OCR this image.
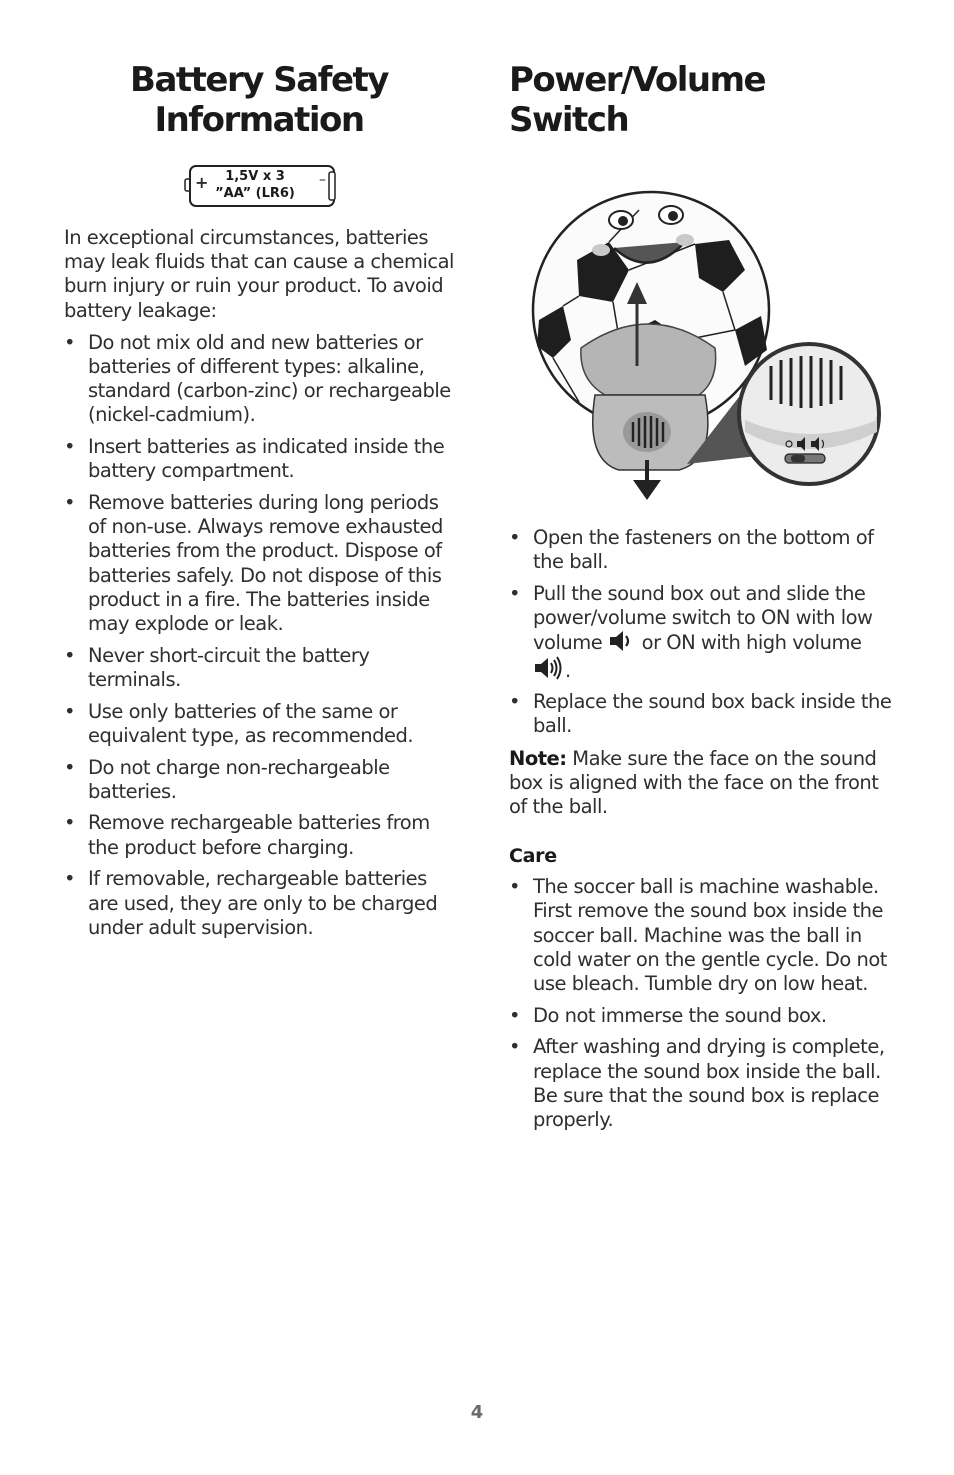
Battery Safety
Information
+	–
1,5V x 3
”AA” (LR6)

In exceptional circumstances, batteries may leak fluids that can cause a chemical burn injury or ruin your product. To avoid battery leakage:

• Do not mix old and new batteries or batteries of different types: alkaline, standard (carbon-zinc) or rechargeable (nickel-cadmium).
• Insert batteries as indicated inside the battery compartment.
• Remove batteries during long periods of non-use. Always remove exhausted batteries from the product. Dispose of batteries safely. Do not dispose of this product in a fire. The batteries inside may explode or leak.
• Never short-circuit the battery terminals.
• Use only batteries of the same or equivalent type, as recommended.
• Do not charge non-rechargeable batteries.
• Remove rechargeable batteries from the product before charging.
• If removable, rechargeable batteries are used, they are only to be charged under adult supervision.
Power/Volume Switch
• Open the fasteners on the bottom of the ball.
• Pull the sound box out and slide the power/volume switch to ON with low volume  or ON with high volume .
• Replace the sound box back inside the ball.

Note: Make sure the face on the sound box is aligned with the face on the front of the ball.

Care
• The soccer ball is machine washable. First remove the sound box inside the soccer ball. Machine was the ball in cold water on the gentle cycle. Do not use bleach. Tumble dry on low heat.
• Do not immerse the sound box.
• After washing and drying is complete, replace the sound box inside the ball. Be sure that the sound box is replace properly.
4
